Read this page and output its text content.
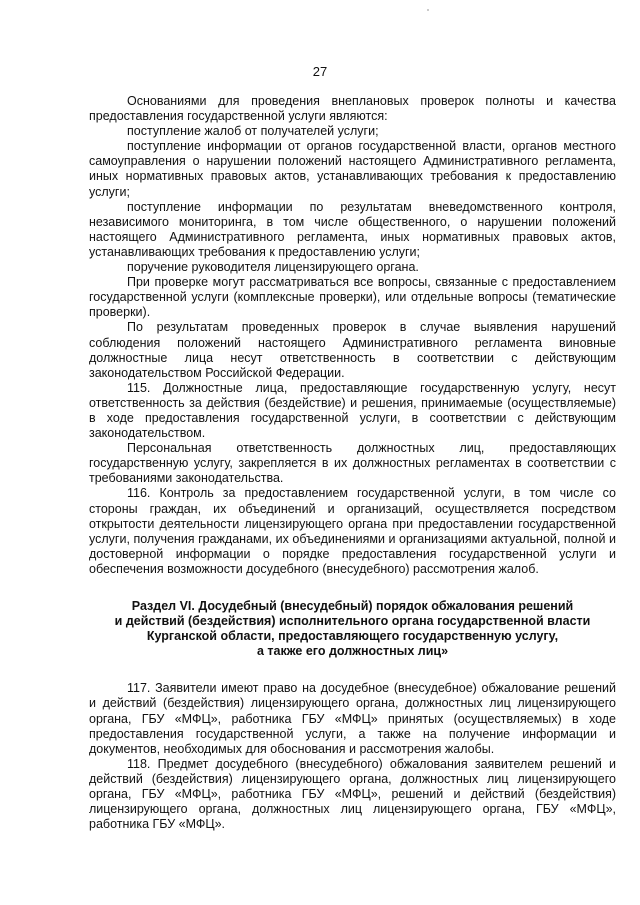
27

Основаниями для проведения внеплановых проверок полноты и качества предоставления государственной услуги являются:

поступление жалоб от получателей услуги;

поступление информации от органов государственной власти, органов местного самоуправления о нарушении положений настоящего Административного регламента, иных нормативных правовых актов, устанавливающих требования к предоставлению услуги;

поступление информации по результатам вневедомственного контроля, независимого мониторинга, в том числе общественного, о нарушении положений настоящего Административного регламента, иных нормативных правовых актов, устанавливающих требования к предоставлению услуги;

поручение руководителя лицензирующего органа.

При проверке могут рассматриваться все вопросы, связанные с предоставлением государственной услуги (комплексные проверки), или отдельные вопросы (тематические проверки).

По результатам проведенных проверок в случае выявления нарушений соблюдения положений настоящего Административного регламента виновные должностные лица несут ответственность в соответствии с действующим законодательством Российской Федерации.

115. Должностные лица, предоставляющие государственную услугу, несут ответственность за действия (бездействие) и решения, принимаемые (осуществляемые) в ходе предоставления государственной услуги, в соответствии с действующим законодательством.

Персональная ответственность должностных лиц, предоставляющих государственную услугу, закрепляется в их должностных регламентах в соответствии с требованиями законодательства.

116. Контроль за предоставлением государственной услуги, в том числе со стороны граждан, их объединений и организаций, осуществляется посредством открытости деятельности лицензирующего органа при предоставлении государственной услуги, получения гражданами, их объединениями и организациями актуальной, полной и достоверной информации о порядке предоставления государственной услуги и обеспечения возможности досудебного (внесудебного) рассмотрения жалоб.

Раздел VI. Досудебный (внесудебный) порядок обжалования решений
и действий (бездействия) исполнительного органа государственной власти
Курганской области, предоставляющего государственную услугу,
а также его должностных лиц»

117. Заявители имеют право на досудебное (внесудебное) обжалование решений и действий (бездействия) лицензирующего органа, должностных лиц лицензирующего органа, ГБУ «МФЦ», работника ГБУ «МФЦ» принятых (осуществляемых) в ходе предоставления государственной услуги, а также на получение информации и документов, необходимых для обоснования и рассмотрения жалобы.

118. Предмет досудебного (внесудебного) обжалования заявителем решений и действий (бездействия) лицензирующего органа, должностных лиц лицензирующего органа, ГБУ «МФЦ», работника ГБУ «МФЦ», решений и действий (бездействия) лицензирующего органа, должностных лиц лицензирующего органа, ГБУ «МФЦ», работника ГБУ «МФЦ».
